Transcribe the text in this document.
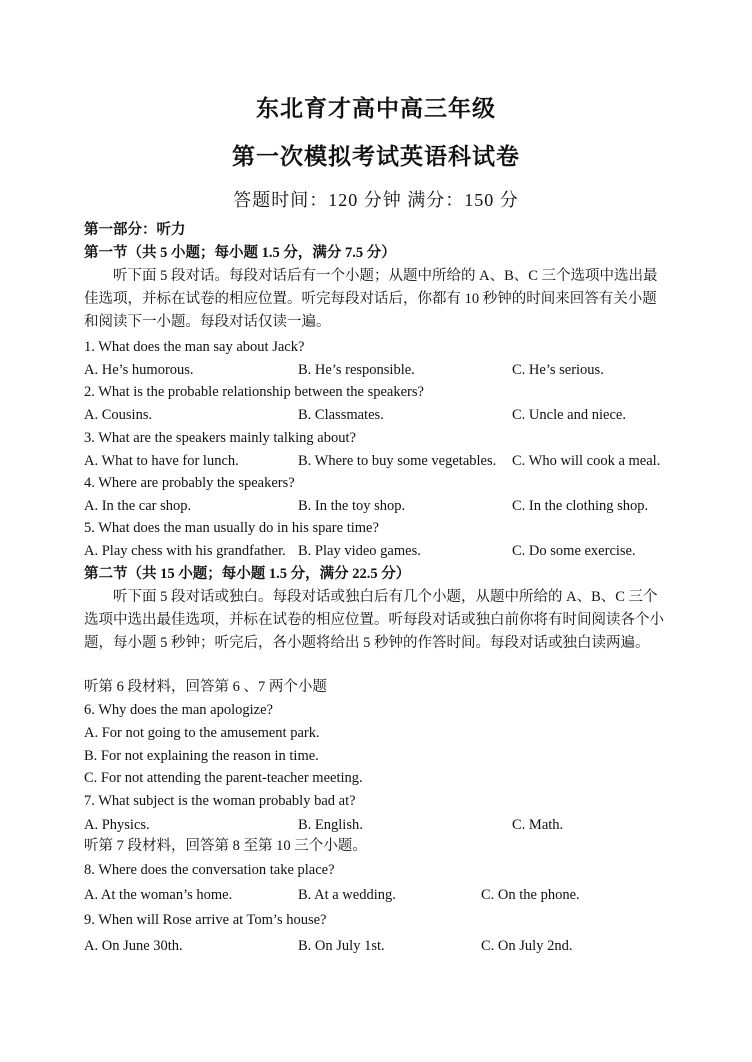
东北育才高中高三年级
第一次模拟考试英语科试卷
答题时间：120 分钟 满分：150 分
第一部分：听力
第一节（共 5 小题；每小题 1.5 分，满分 7.5 分）
听下面 5 段对话。每段对话后有一个小题；从题中所给的 A、B、C 三个选项中选出最佳选项，并标在试卷的相应位置。听完每段对话后，你都有 10 秒钟的时间来回答有关小题和阅读下一小题。每段对话仅读一遍。
1. What does the man say about Jack?
A. He’s humorous.	B. He’s responsible.	C. He’s serious.
2. What is the probable relationship between the speakers?
A. Cousins.	B. Classmates.	C. Uncle and niece.
3. What are the speakers mainly talking about?
A. What to have for lunch.	B. Where to buy some vegetables. C. Who will cook a meal.
4. Where are probably the speakers?
A. In the car shop.	B. In the toy shop.	C. In the clothing shop.
5. What does the man usually do in his spare time?
A. Play chess with his grandfather. B. Play video games.	C. Do some exercise.
第二节（共 15 小题；每小题 1.5 分，满分 22.5 分）
听下面 5 段对话或独白。每段对话或独白后有几个小题，从题中所给的 A、B、C 三个选项中选出最佳选项，并标在试卷的相应位置。听每段对话或独白前你将有时间阅读各个小题，每小题 5 秒钟；听完后，各小题将给出 5 秒钟的作答时间。每段对话或独白读两遍。
听第 6 段材料，回答第 6 、7 两个小题
6. Why does the man apologize?
A. For not going to the amusement park.
B. For not explaining the reason in time.
C. For not attending the parent-teacher meeting.
7. What subject is the woman probably bad at?
A. Physics.	B. English.	C. Math.
听第 7 段材料，回答第 8 至第 10 三个小题。
8. Where does the conversation take place?
A. At the woman’s home.	B. At a wedding.	C. On the phone.
9. When will Rose arrive at Tom’s house?
A. On June 30th.	B. On July 1st.	C. On July 2nd.
